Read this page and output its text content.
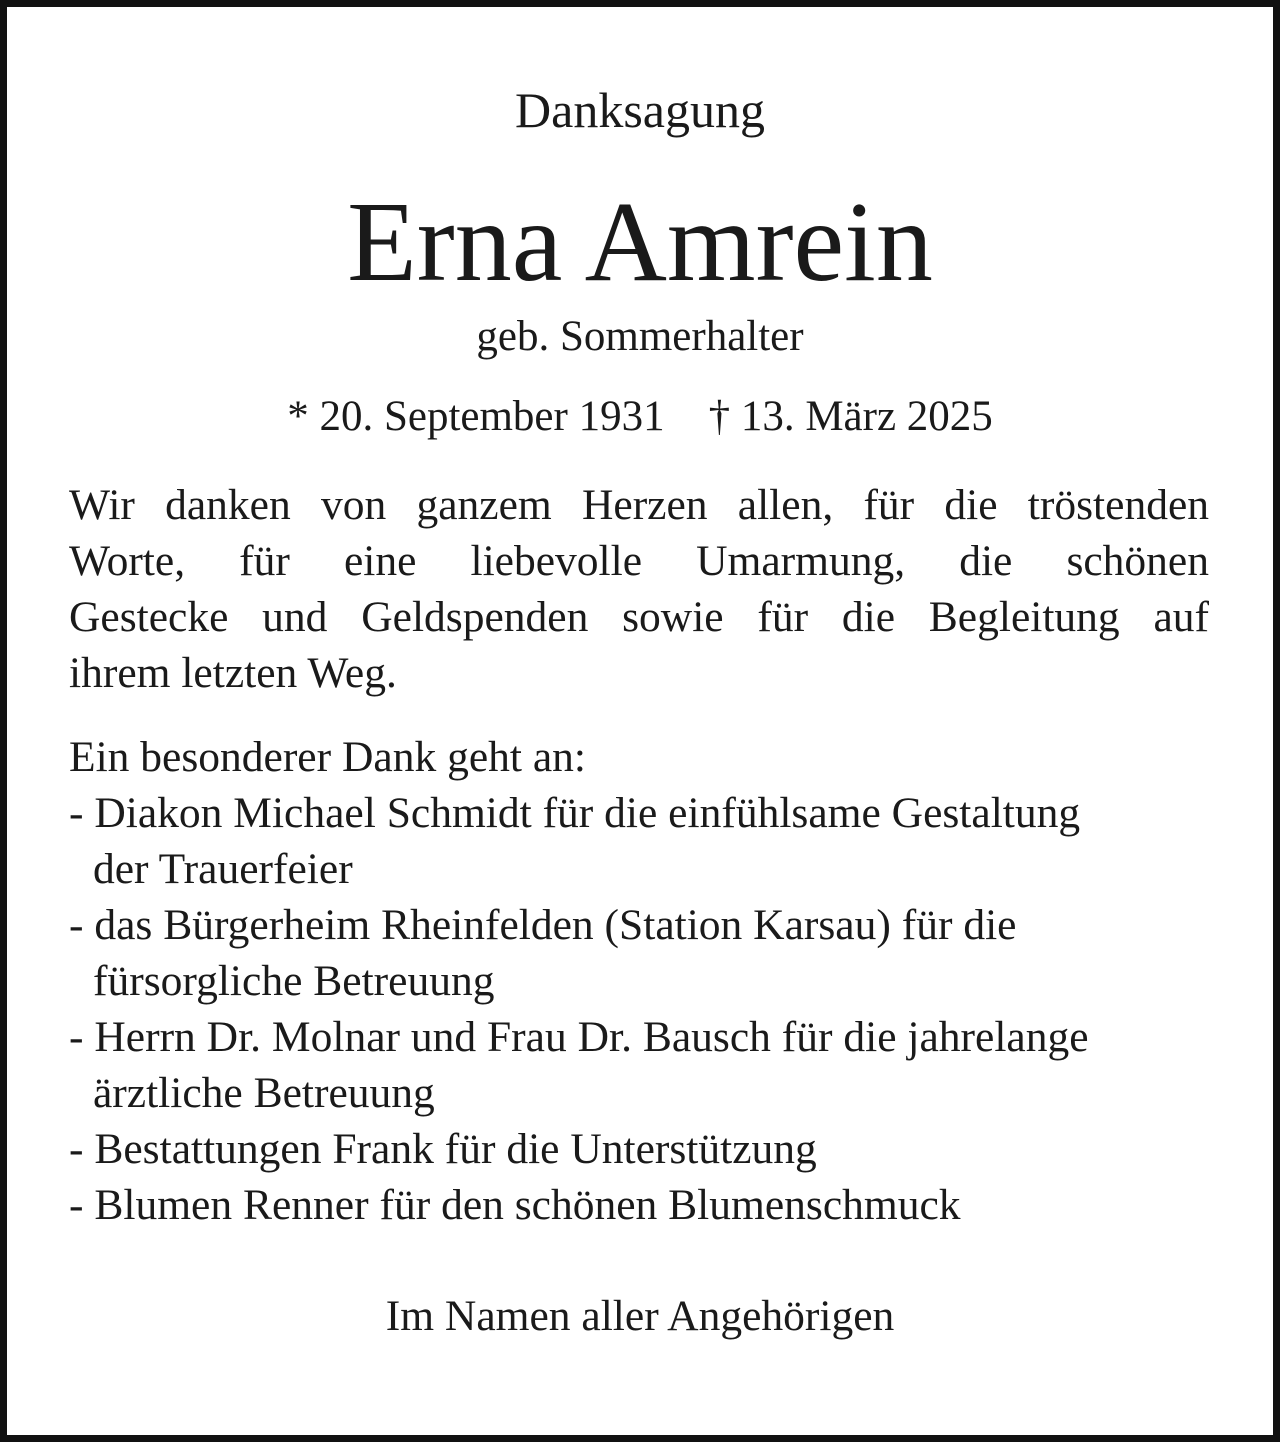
Danksagung
Erna Amrein
geb. Sommerhalter
* 20. September 1931 † 13. März 2025
Wir danken von ganzem Herzen allen, für die tröstenden
Worte, für eine liebevolle Umarmung, die schönen
Gestecke und Geldspenden sowie für die Begleitung auf
ihrem letzten Weg.
Ein besonderer Dank geht an:
- Diakon Michael Schmidt für die einfühlsame Gestaltung
der Trauerfeier
- das Bürgerheim Rheinfelden (Station Karsau) für die
fürsorgliche Betreuung
- Herrn Dr. Molnar und Frau Dr. Bausch für die jahrelange
ärztliche Betreuung
- Bestattungen Frank für die Unterstützung
- Blumen Renner für den schönen Blumenschmuck
Im Namen aller Angehörigen
